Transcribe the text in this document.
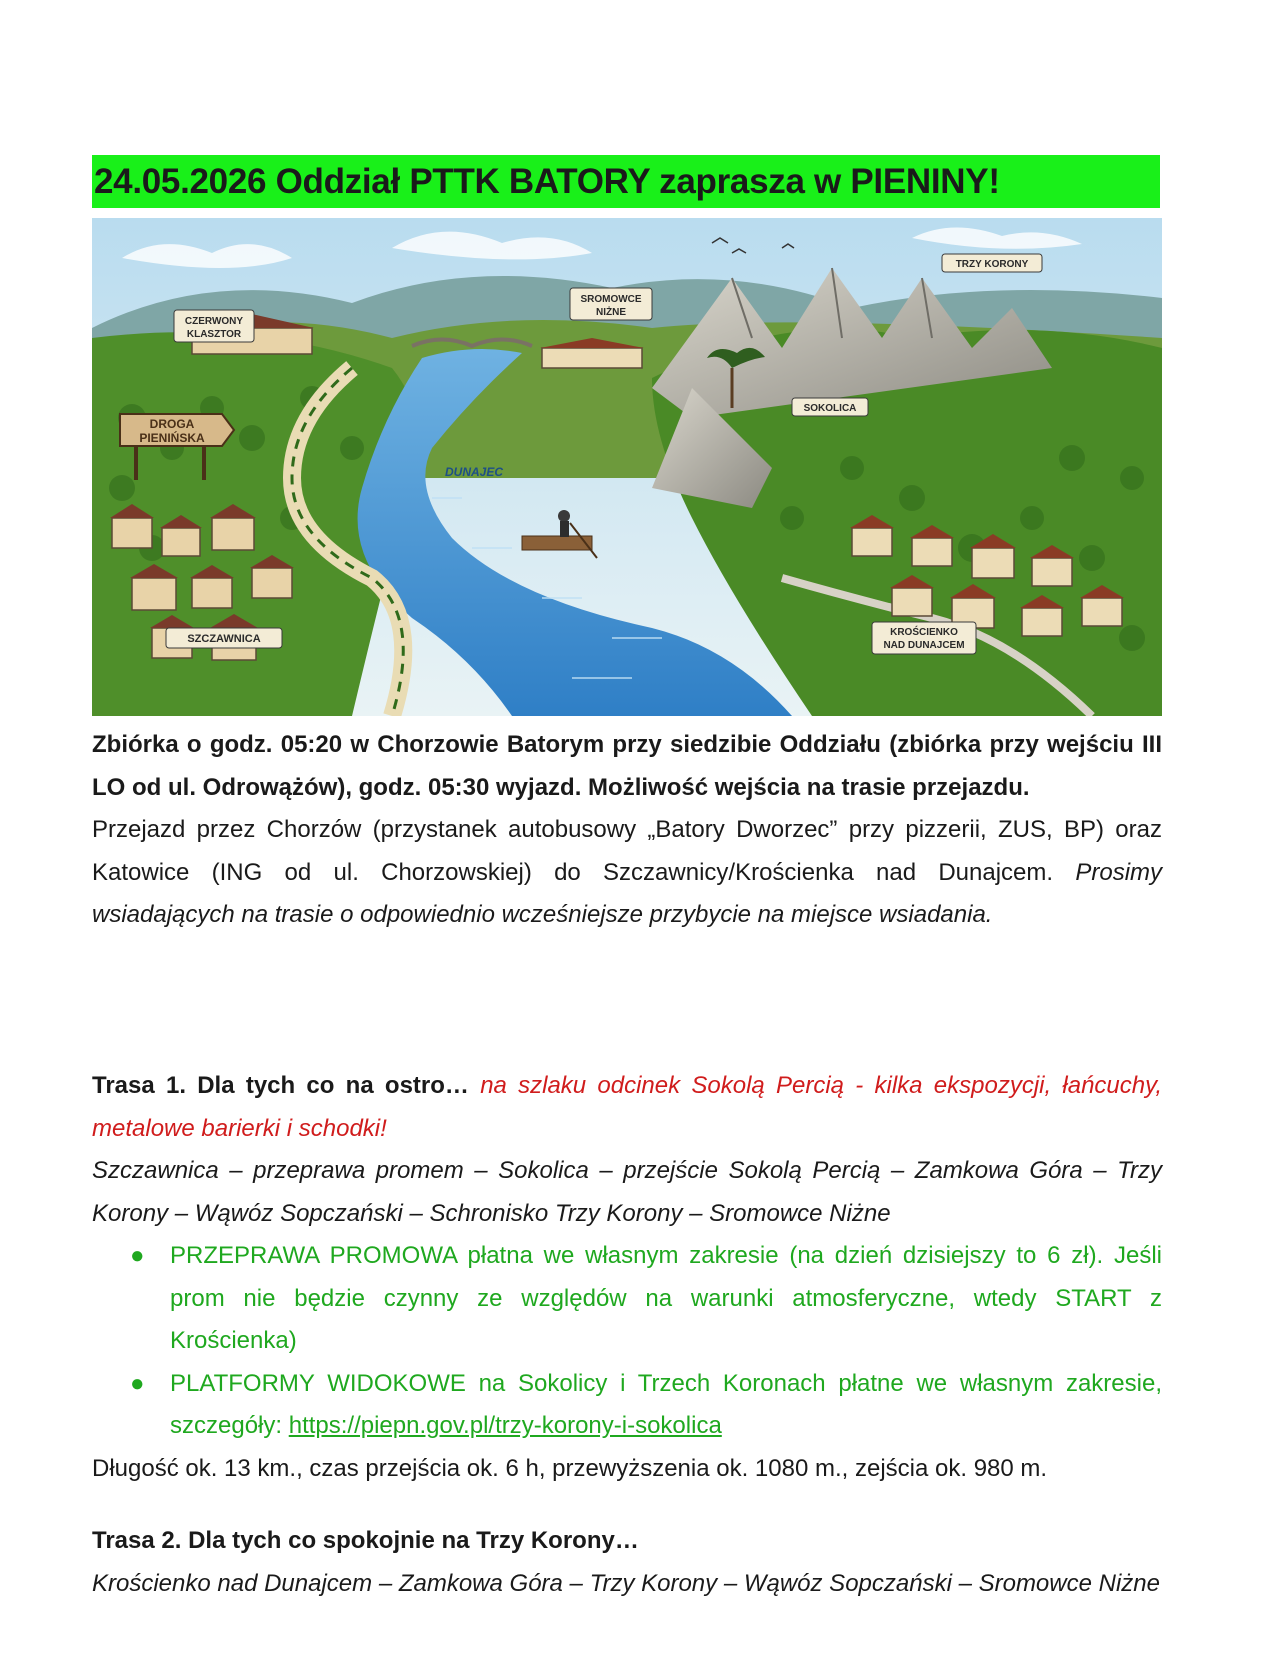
24.05.2026 Oddział PTTK BATORY zaprasza w PIENINY!
CZERWONY
KLASZTOR
SROMOWCE
NIŻNE
TRZY KORONY
DROGA
PIENIŃSKA
SOKOLICA
DUNAJEC
SZCZAWNICA
KROŚCIENKO
NAD DUNAJCEM
Zbiórka o godz. 05:20 w Chorzowie Batorym przy siedzibie Oddziału (zbiórka przy wejściu III LO od ul. Odrowążów), godz. 05:30 wyjazd. Możliwość wejścia na trasie przejazdu.
Przejazd przez Chorzów (przystanek autobusowy „Batory Dworzec” przy pizzerii, ZUS, BP) oraz Katowice (ING od ul. Chorzowskiej) do Szczawnicy/Krościenka nad Dunajcem. Prosimy wsiadających na trasie o odpowiednio wcześniejsze przybycie na miejsce wsiadania.
Trasa 1. Dla tych co na ostro… na szlaku odcinek Sokolą Percią - kilka ekspozycji, łańcuchy, metalowe barierki i schodki!
Szczawnica – przeprawa promem – Sokolica – przejście Sokolą Percią – Zamkowa Góra – Trzy Korony – Wąwóz Sopczański – Schronisko Trzy Korony – Sromowce Niżne
● PRZEPRAWA PROMOWA płatna we własnym zakresie (na dzień dzisiejszy to 6 zł). Jeśli prom nie będzie czynny ze względów na warunki atmosferyczne, wtedy START z Krościenka)
● PLATFORMY WIDOKOWE na Sokolicy i Trzech Koronach płatne we własnym zakresie, szczegóły: https://piepn.gov.pl/trzy-korony-i-sokolica
Długość ok. 13 km., czas przejścia ok. 6 h, przewyższenia ok. 1080 m., zejścia ok. 980 m.
Trasa 2. Dla tych co spokojnie na Trzy Korony…
Krościenko nad Dunajcem – Zamkowa Góra – Trzy Korony – Wąwóz Sopczański – Sromowce Niżne
